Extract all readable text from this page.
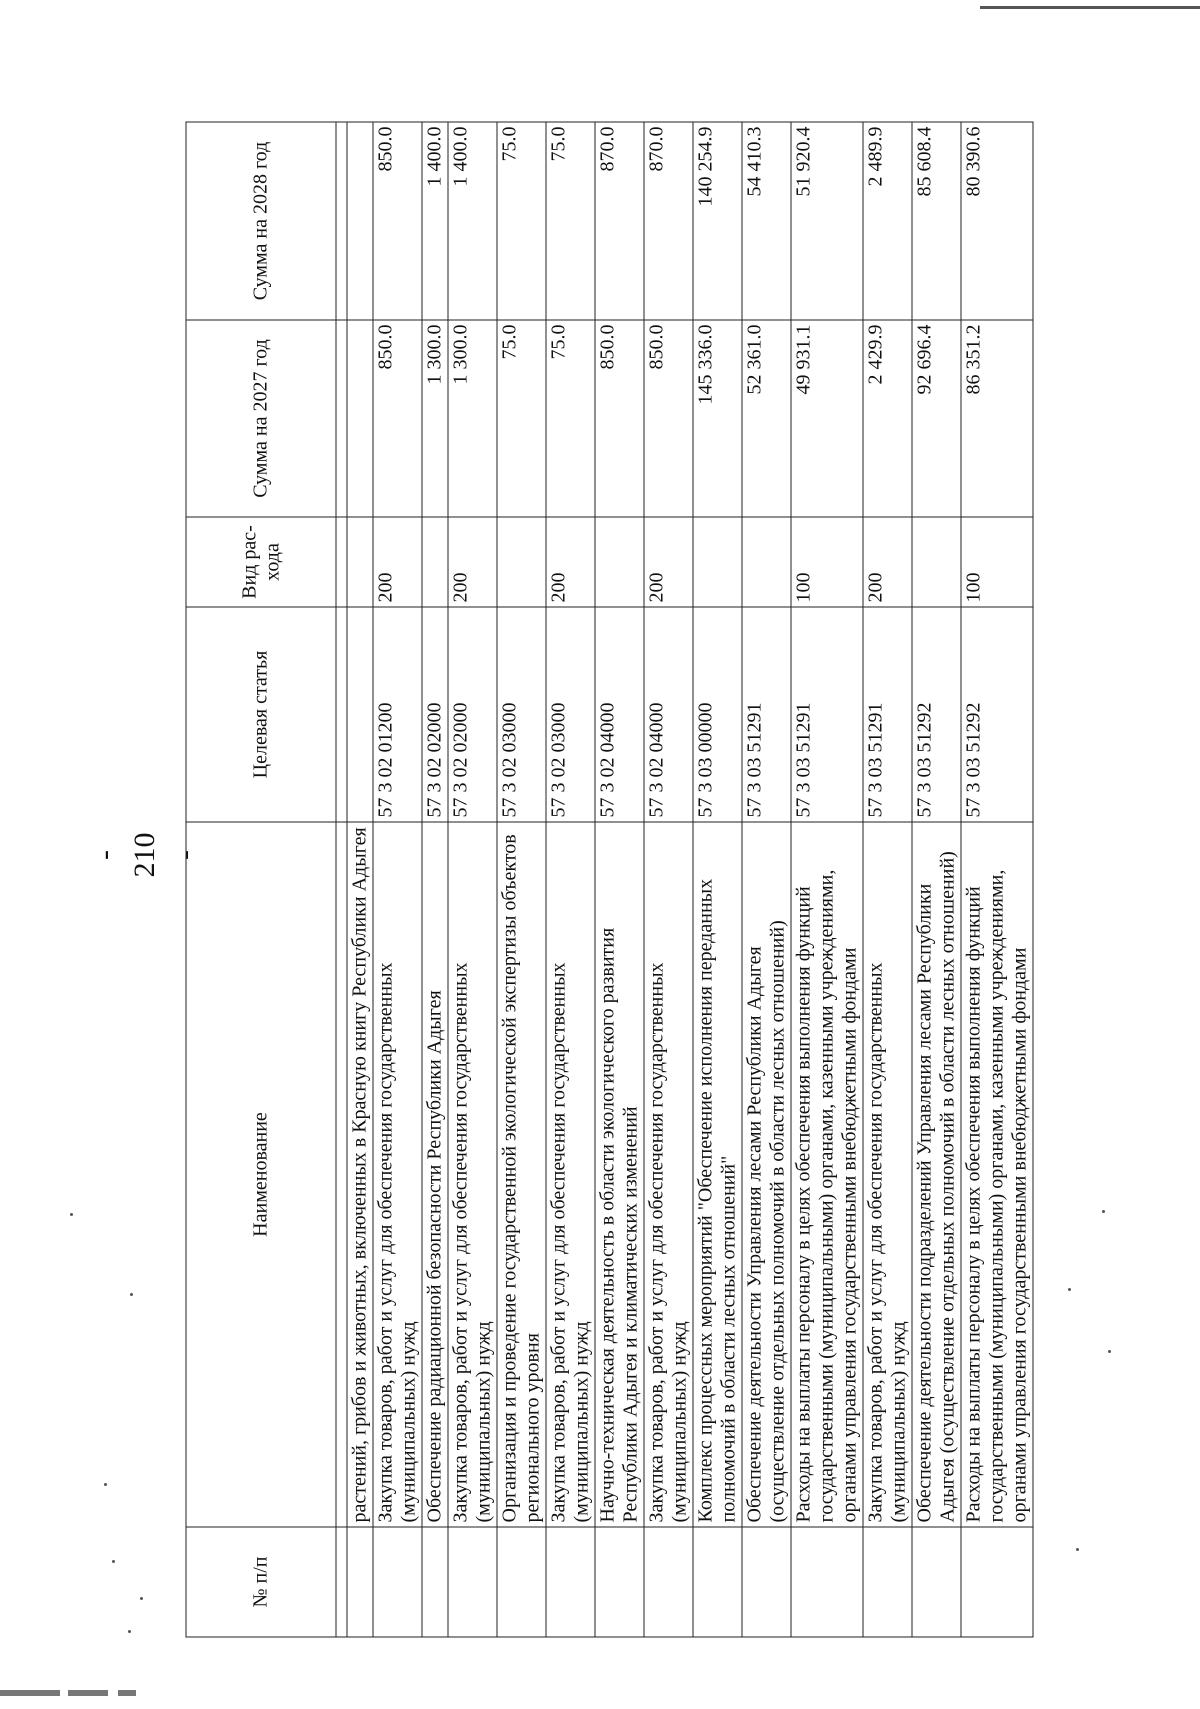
- 210 -
№ п/п	Наименование	Целевая статья	Вид рас-хода	Сумма на 2027 год	Сумма на 2028 год

	растений, грибов и животных, включенных в Красную книгу Республики Адыгея				
	Закупка товаров, работ и услуг для обеспечения государственных (муниципальных) нужд	57 3 02 01200	200	850.0	850.0
	Обеспечение радиационной безопасности Республики Адыгея	57 3 02 02000		1 300.0	1 400.0
	Закупка товаров, работ и услуг для обеспечения государственных (муниципальных) нужд	57 3 02 02000	200	1 300.0	1 400.0
	Организация и проведение государственной экологической экспертизы объектов регионального уровня	57 3 02 03000		75.0	75.0
	Закупка товаров, работ и услуг для обеспечения государственных (муниципальных) нужд	57 3 02 03000	200	75.0	75.0
	Научно-техническая деятельность в области экологического развития Республики Адыгея и климатических изменений	57 3 02 04000		850.0	870.0
	Закупка товаров, работ и услуг для обеспечения государственных (муниципальных) нужд	57 3 02 04000	200	850.0	870.0
	Комплекс процессных мероприятий "Обеспечение исполнения переданных полномочий в области лесных отношений"	57 3 03 00000		145 336.0	140 254.9
	Обеспечение деятельности Управления лесами Республики Адыгея (осуществление отдельных полномочий в области лесных отношений)	57 3 03 51291		52 361.0	54 410.3
	Расходы на выплаты персоналу в целях обеспечения выполнения функций государственными (муниципальными) органами, казенными учреждениями, органами управления государственными внебюджетными фондами	57 3 03 51291	100	49 931.1	51 920.4
	Закупка товаров, работ и услуг для обеспечения государственных (муниципальных) нужд	57 3 03 51291	200	2 429.9	2 489.9
	Обеспечение деятельности подразделений Управления лесами Республики Адыгея (осуществление отдельных полномочий в области лесных отношений)	57 3 03 51292		92 696.4	85 608.4
	Расходы на выплаты персоналу в целях обеспечения выполнения функций государственными (муниципальными) органами, казенными учреждениями, органами управления государственными внебюджетными фондами	57 3 03 51292	100	86 351.2	80 390.6
